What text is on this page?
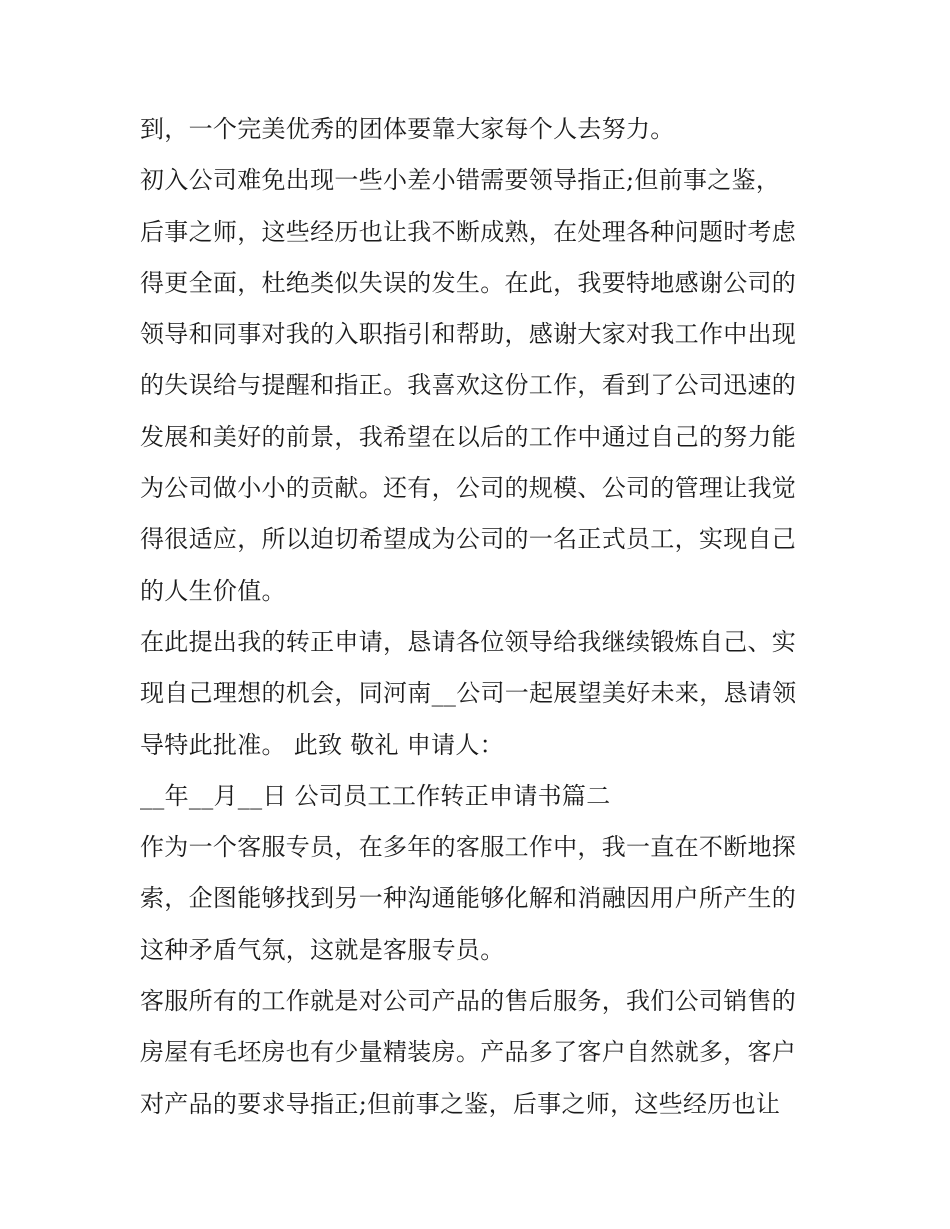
到，一个完美优秀的团体要靠大家每个人去努力。
初入公司难免出现一些小差小错需要领导指正;但前事之鉴，
后事之师，这些经历也让我不断成熟，在处理各种问题时考虑
得更全面，杜绝类似失误的发生。在此，我要特地感谢公司的
领导和同事对我的入职指引和帮助，感谢大家对我工作中出现
的失误给与提醒和指正。我喜欢这份工作，看到了公司迅速的
发展和美好的前景，我希望在以后的工作中通过自己的努力能
为公司做小小的贡献。还有，公司的规模、公司的管理让我觉
得很适应，所以迫切希望成为公司的一名正式员工，实现自己
的人生价值。
在此提出我的转正申请，恳请各位领导给我继续锻炼自己、实
现自己理想的机会，同河南__公司一起展望美好未来，恳请领
导特此批准。 此致 敬礼 申请人：
__年__月__日 公司员工工作转正申请书篇二
作为一个客服专员，在多年的客服工作中，我一直在不断地探
索，企图能够找到另一种沟通能够化解和消融因用户所产生的
这种矛盾气氛，这就是客服专员。
客服所有的工作就是对公司产品的售后服务，我们公司销售的
房屋有毛坯房也有少量精装房。产品多了客户自然就多，客户
对产品的要求导指正;但前事之鉴，后事之师，这些经历也让
